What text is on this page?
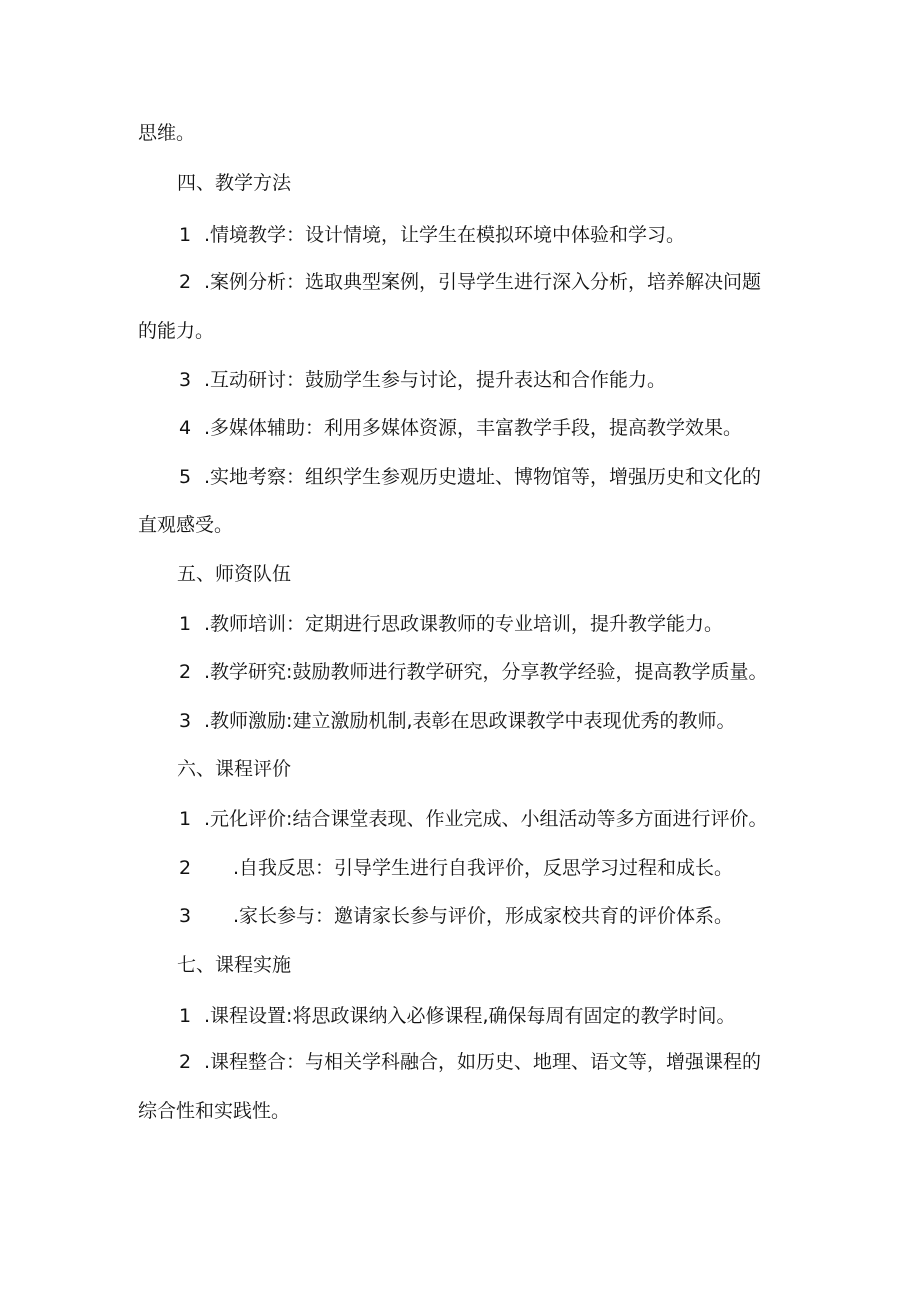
思维。
四、教学方法
1 .情境教学：设计情境，让学生在模拟环境中体验和学习。
2 .案例分析：选取典型案例，引导学生进行深入分析，培养解决问题
的能力。
3 .互动研讨：鼓励学生参与讨论，提升表达和合作能力。
4 .多媒体辅助：利用多媒体资源，丰富教学手段，提高教学效果。
5 .实地考察：组织学生参观历史遗址、博物馆等，增强历史和文化的
直观感受。
五、师资队伍
1 .教师培训：定期进行思政课教师的专业培训，提升教学能力。
2 .教学研究:鼓励教师进行教学研究，分享教学经验，提高教学质量。
3 .教师激励:建立激励机制,表彰在思政课教学中表现优秀的教师。
六、课程评价
1 .元化评价:结合课堂表现、作业完成、小组活动等多方面进行评价。
2 .自我反思：引导学生进行自我评价，反思学习过程和成长。
3 .家长参与：邀请家长参与评价，形成家校共育的评价体系。
七、课程实施
1 .课程设置:将思政课纳入必修课程,确保每周有固定的教学时间。
2 .课程整合：与相关学科融合，如历史、地理、语文等，增强课程的
综合性和实践性。
